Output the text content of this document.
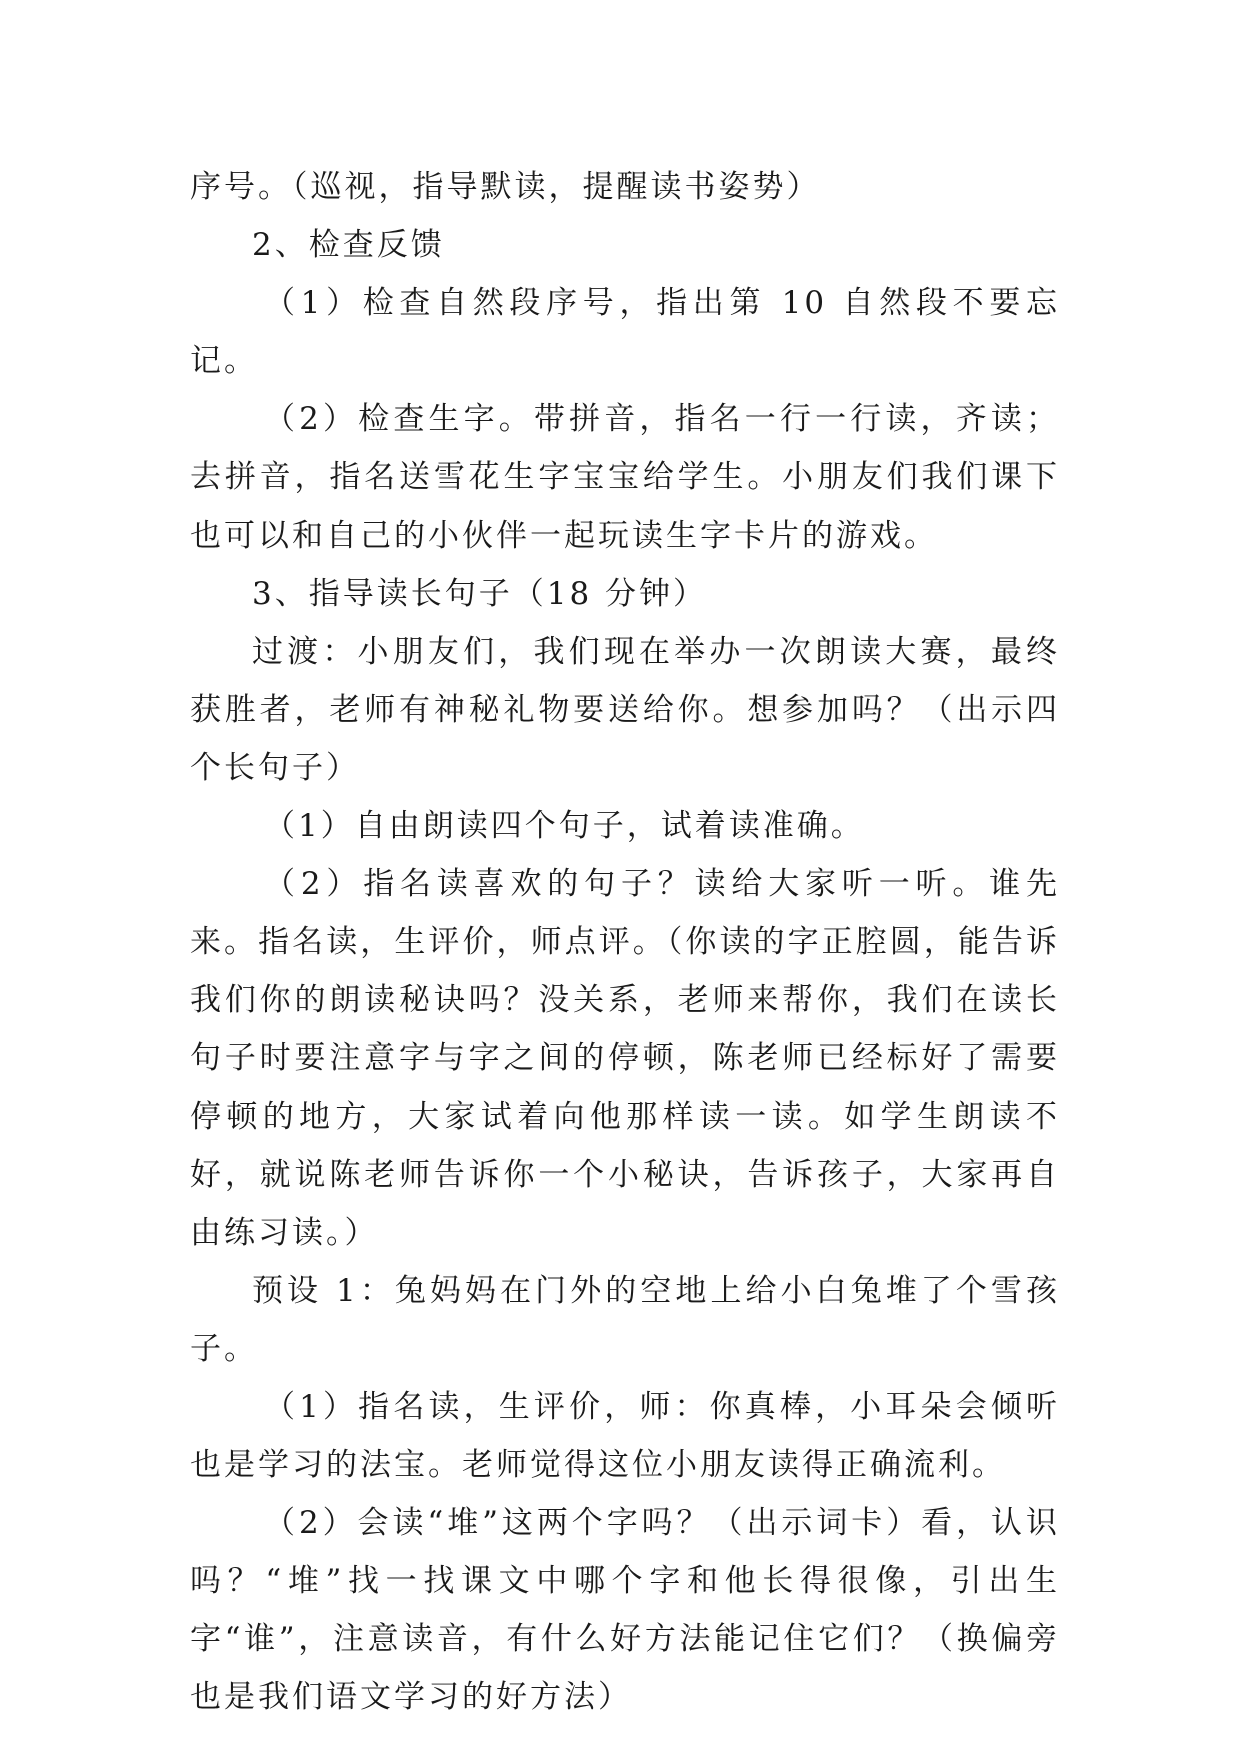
序号。（巡视，指导默读，提醒读书姿势）

2、检查反馈

（1）检查自然段序号，指出第 10 自然段不要忘记。

（2）检查生字。带拼音，指名一行一行读，齐读；去拼音，指名送雪花生字宝宝给学生。小朋友们我们课下也可以和自己的小伙伴一起玩读生字卡片的游戏。

3、指导读长句子（18 分钟）

过渡：小朋友们，我们现在举办一次朗读大赛，最终获胜者，老师有神秘礼物要送给你。想参加吗？（出示四个长句子）

（1）自由朗读四个句子，试着读准确。

（2）指名读喜欢的句子？读给大家听一听。谁先来。指名读，生评价，师点评。（你读的字正腔圆，能告诉我们你的朗读秘诀吗？没关系，老师来帮你，我们在读长句子时要注意字与字之间的停顿，陈老师已经标好了需要停顿的地方，大家试着向他那样读一读。如学生朗读不好，就说陈老师告诉你一个小秘诀，告诉孩子，大家再自由练习读。）

预设 1：兔妈妈在门外的空地上给小白兔堆了个雪孩子。

（1）指名读，生评价，师：你真棒，小耳朵会倾听也是学习的法宝。老师觉得这位小朋友读得正确流利。

（2）会读“堆”这两个字吗？（出示词卡）看，认识吗？“堆”找一找课文中哪个字和他长得很像，引出生字“谁”，注意读音，有什么好方法能记住它们？（换偏旁也是我们语文学习的好方法）
